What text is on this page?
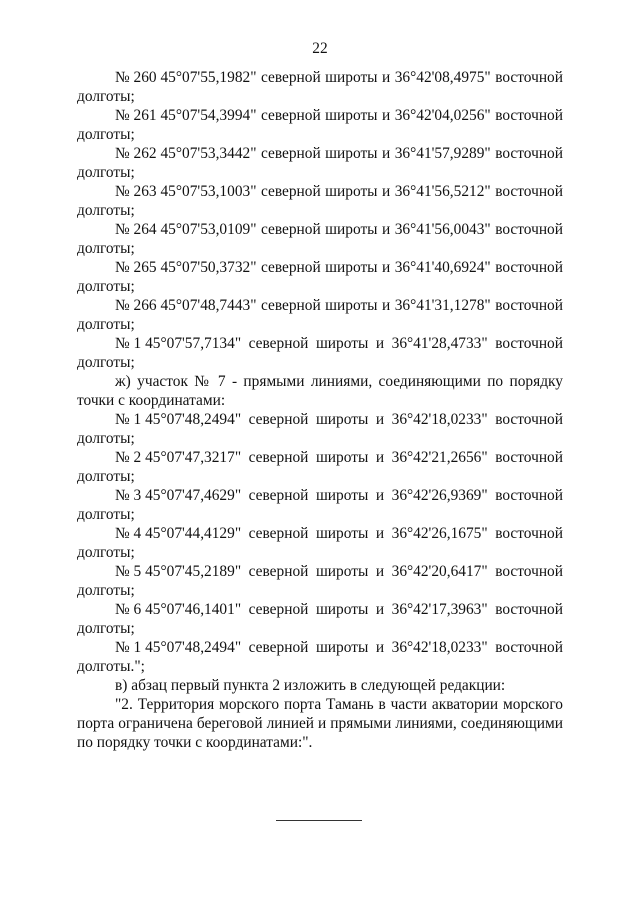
22
№ 260 45°07'55,1982" северной широты и 36°42'08,4975" восточной
долготы;
№ 261 45°07'54,3994" северной широты и 36°42'04,0256" восточной
долготы;
№ 262 45°07'53,3442" северной широты и 36°41'57,9289" восточной
долготы;
№ 263 45°07'53,1003" северной широты и 36°41'56,5212" восточной
долготы;
№ 264 45°07'53,0109" северной широты и 36°41'56,0043" восточной
долготы;
№ 265 45°07'50,3732" северной широты и 36°41'40,6924" восточной
долготы;
№ 266 45°07'48,7443" северной широты и 36°41'31,1278" восточной
долготы;
№ 1 45°07'57,7134" северной широты и 36°41'28,4733" восточной
долготы;

ж) участок № 7 - прямыми линиями, соединяющими по порядку точки с координатами:

№ 1 45°07'48,2494" северной широты и 36°42'18,0233" восточной
долготы;
№ 2 45°07'47,3217" северной широты и 36°42'21,2656" восточной
долготы;
№ 3 45°07'47,4629" северной широты и 36°42'26,9369" восточной
долготы;
№ 4 45°07'44,4129" северной широты и 36°42'26,1675" восточной
долготы;
№ 5 45°07'45,2189" северной широты и 36°42'20,6417" восточной
долготы;
№ 6 45°07'46,1401" северной широты и 36°42'17,3963" восточной
долготы;
№ 1 45°07'48,2494" северной широты и 36°42'18,0233" восточной
долготы.";

в) абзац первый пункта 2 изложить в следующей редакции:

"2. Территория морского порта Тамань в части акватории морского порта ограничена береговой линией и прямыми линиями, соединяющими по порядку точки с координатами:".
